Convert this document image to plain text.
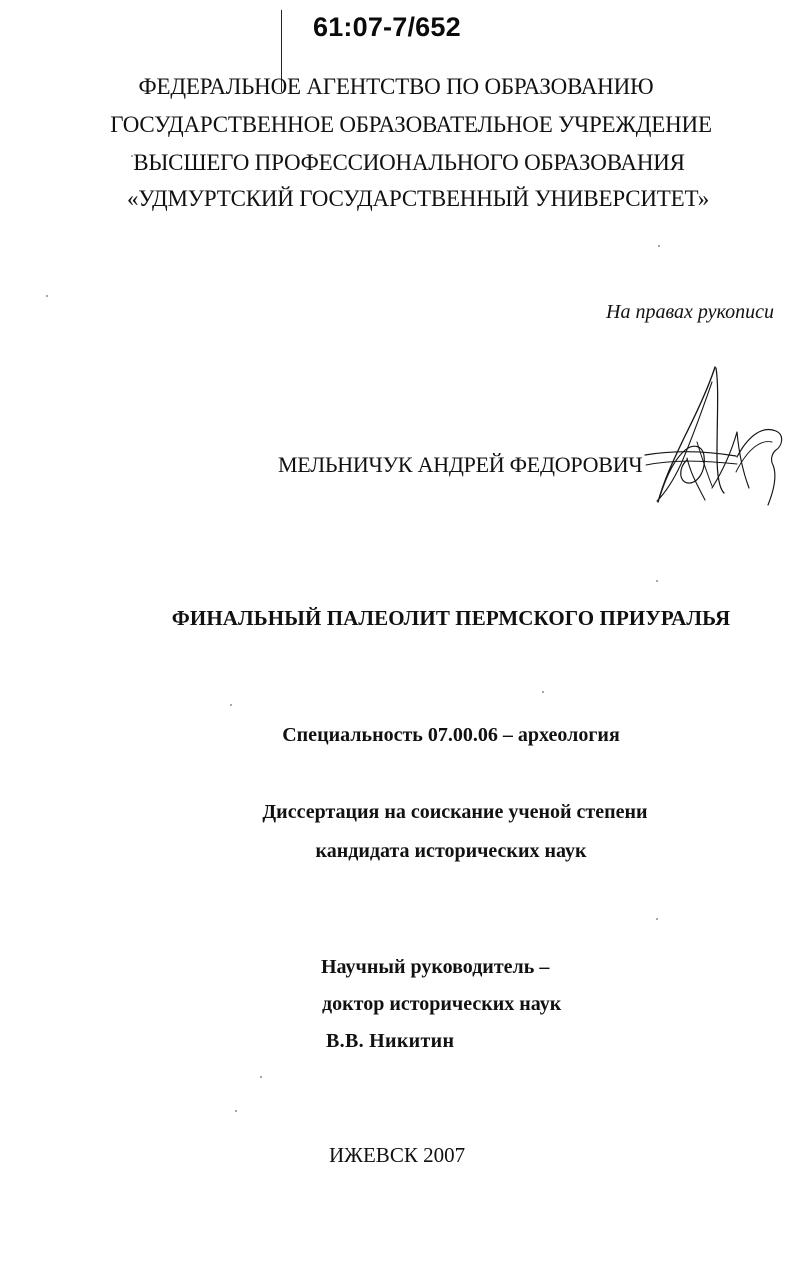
61:07-7/652
ФЕДЕРАЛЬНОЕ АГЕНТСТВО ПО ОБРАЗОВАНИЮ
ГОСУДАРСТВЕННОЕ ОБРАЗОВАТЕЛЬНОЕ УЧРЕЖДЕНИЕ
ВЫСШЕГО ПРОФЕССИОНАЛЬНОГО ОБРАЗОВАНИЯ
«УДМУРТСКИЙ ГОСУДАРСТВЕННЫЙ УНИВЕРСИТЕТ»
На правах рукописи
МЕЛЬНИЧУК АНДРЕЙ ФЕДОРОВИЧ
ФИНАЛЬНЫЙ ПАЛЕОЛИТ ПЕРМСКОГО ПРИУРАЛЬЯ
Специальность 07.00.06 – археология
Диссертация на соискание ученой степени
кандидата исторических наук
Научный руководитель –
доктор исторических наук
В.В. Никитин
ИЖЕВСК 2007
